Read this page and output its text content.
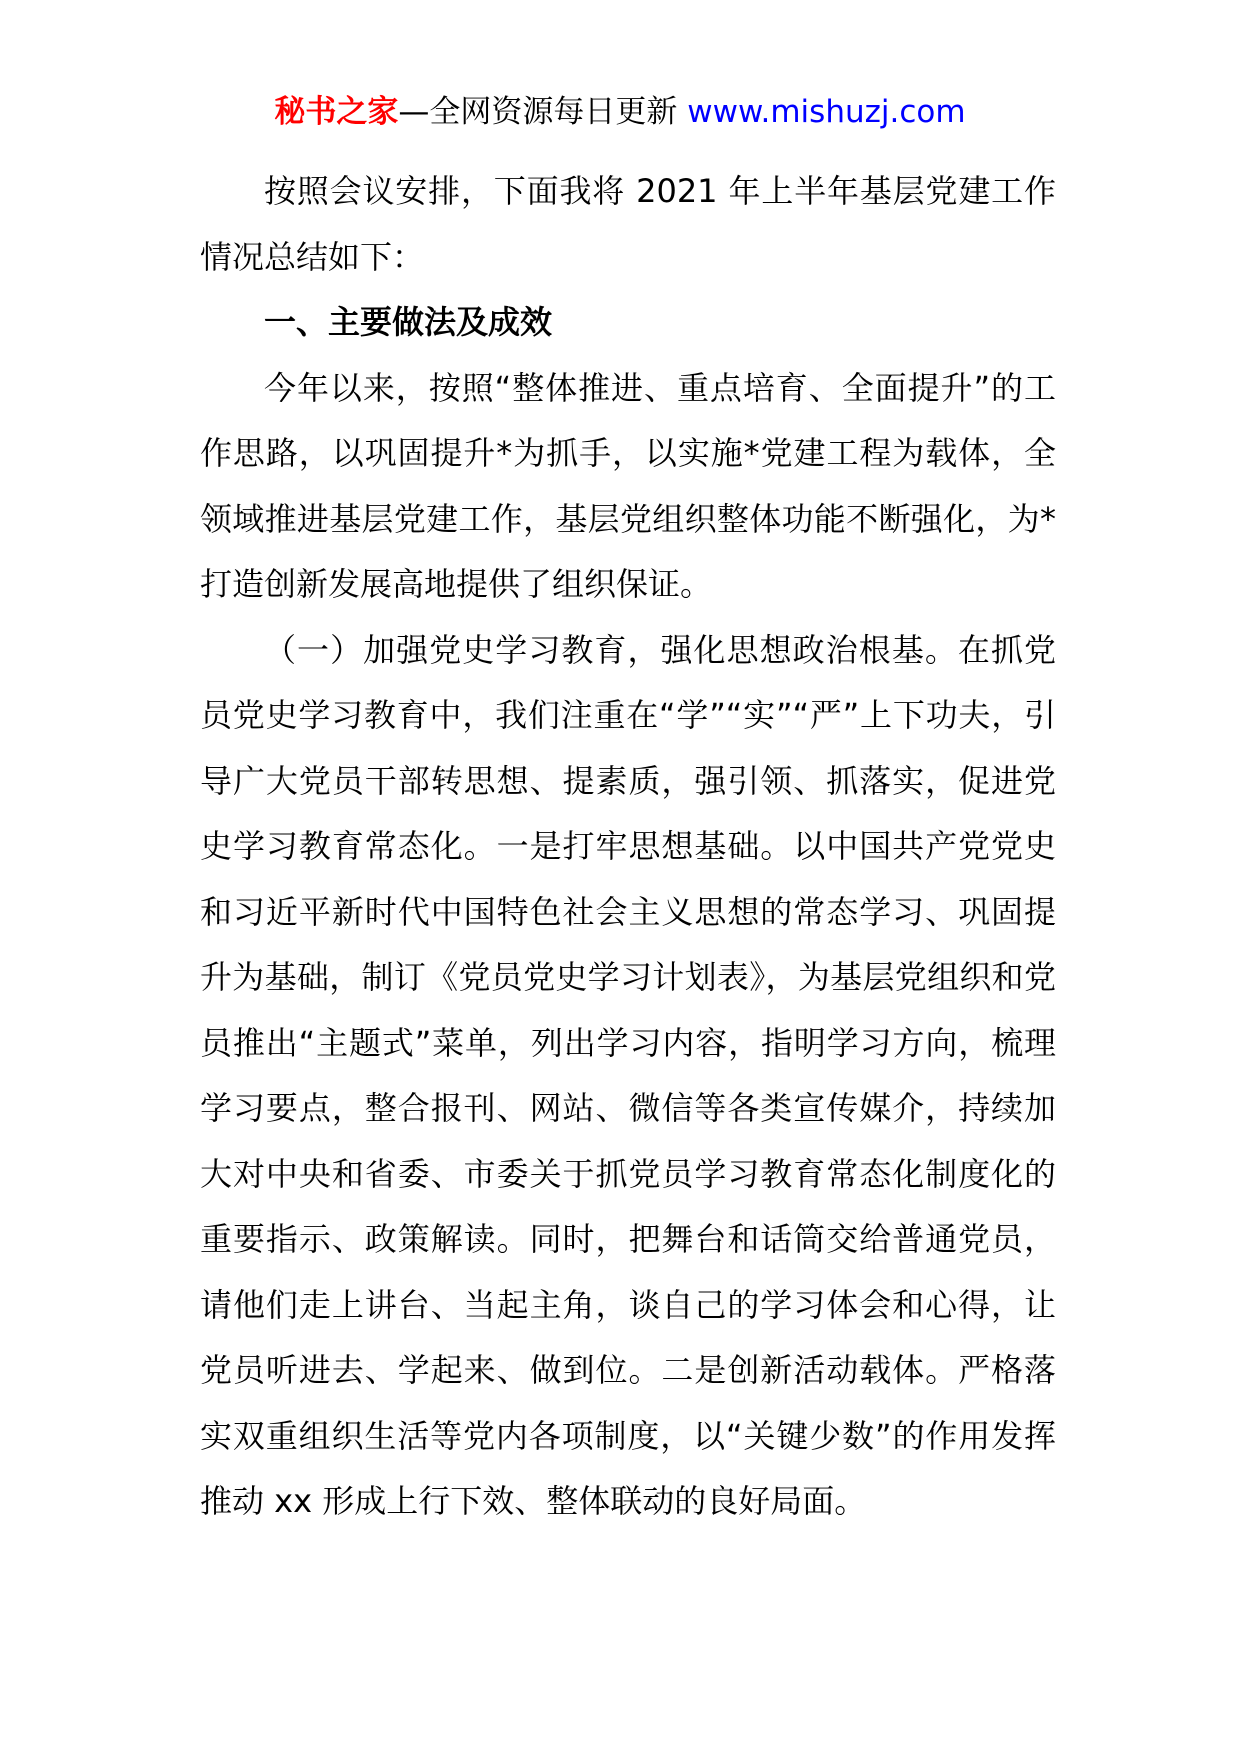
秘书之家—全网资源每日更新 www.mishuzj.com

按照会议安排，下面我将 2021 年上半年基层党建工作情况总结如下：

一、主要做法及成效

今年以来，按照“整体推进、重点培育、全面提升”的工作思路，以巩固提升*为抓手，以实施*党建工程为载体，全领域推进基层党建工作，基层党组织整体功能不断强化，为*打造创新发展高地提供了组织保证。

（一）加强党史学习教育，强化思想政治根基。在抓党员党史学习教育中，我们注重在“学”“实”“严”上下功夫，引导广大党员干部转思想、提素质，强引领、抓落实，促进党史学习教育常态化。一是打牢思想基础。以中国共产党党史和习近平新时代中国特色社会主义思想的常态学习、巩固提升为基础，制订《党员党史学习计划表》，为基层党组织和党员推出“主题式”菜单，列出学习内容，指明学习方向，梳理学习要点，整合报刊、网站、微信等各类宣传媒介，持续加大对中央和省委、市委关于抓党员学习教育常态化制度化的重要指示、政策解读。同时，把舞台和话筒交给普通党员，请他们走上讲台、当起主角，谈自己的学习体会和心得，让党员听进去、学起来、做到位。二是创新活动载体。严格落实双重组织生活等党内各项制度，以“关键少数”的作用发挥推动 xx 形成上行下效、整体联动的良好局面。
